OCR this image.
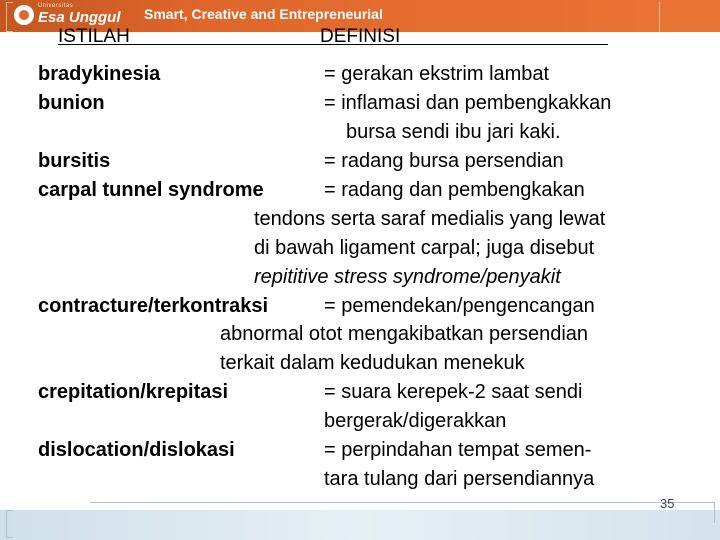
Universitas
Esa Unggul Smart, Creative and Entrepreneurial
ISTILAH	DEFINISI
bradykinesia	= gerakan ekstrim lambat
bunion	= inflamasi dan pembengkakkan
bursa sendi ibu jari kaki.
bursitis	= radang bursa persendian
carpal tunnel syndrome	= radang dan pembengkakan
tendons serta saraf medialis yang lewat
di bawah ligament carpal; juga disebut
repititive stress syndrome/penyakit
contracture/terkontraksi	= pemendekan/pengencangan
abnormal otot mengakibatkan persendian
terkait dalam kedudukan menekuk
crepitation/krepitasi	= suara kerepek-2 saat sendi
bergerak/digerakkan
dislocation/dislokasi	= perpindahan tempat semen-
tara tulang dari persendiannya
35
